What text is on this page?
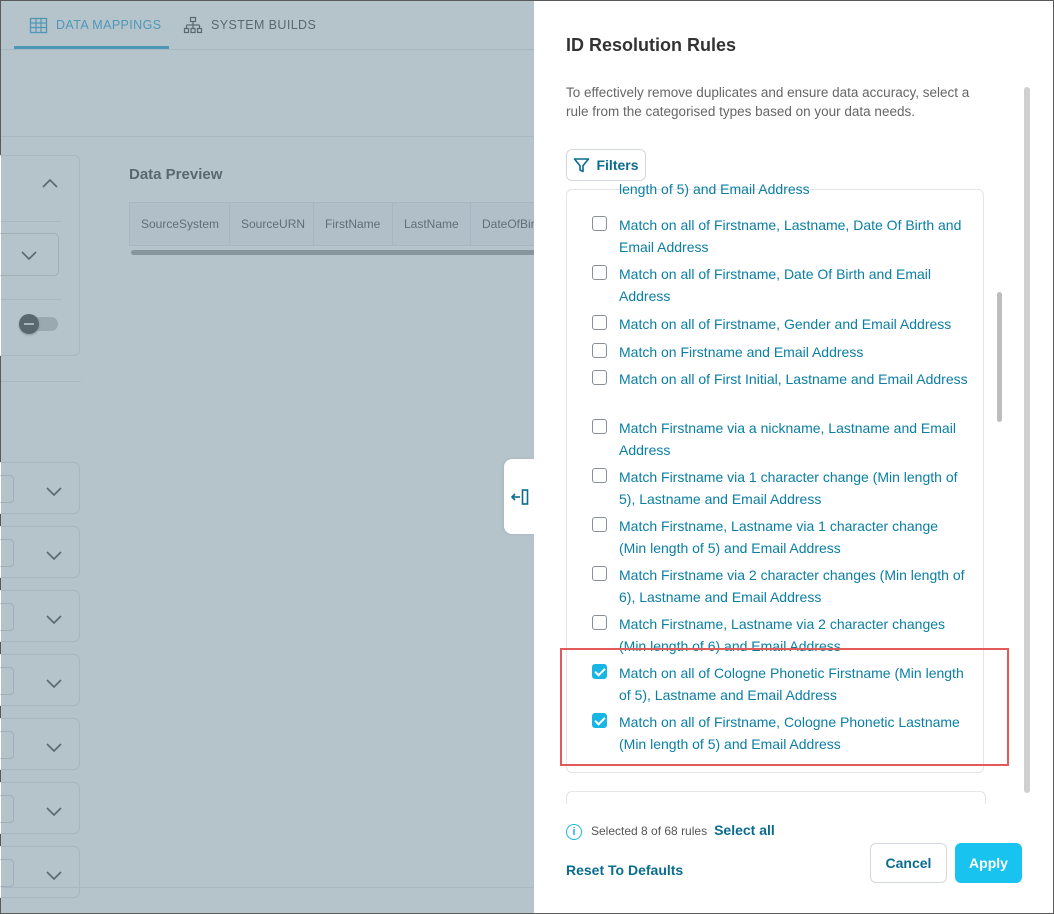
ID Resolution Rules
To effectively remove duplicates and ensure data accuracy, select a rule from the categorised types based on your data needs.
Filters
length of 5) and Email Address
Match on all of Firstname, Lastname, Date Of Birth and Email Address
Match on all of Firstname, Date Of Birth and Email Address
Match on all of Firstname, Gender and Email Address
Match on Firstname and Email Address
Match on all of First Initial, Lastname and Email Address
Match Firstname via a nickname, Lastname and Email Address
Match Firstname via 1 character change (Min length of 5), Lastname and Email Address
Match Firstname, Lastname via 1 character change (Min length of 5) and Email Address
Match Firstname via 2 character changes (Min length of 6), Lastname and Email Address
Match Firstname, Lastname via 2 character changes (Min length of 6) and Email Address
Match on all of Cologne Phonetic Firstname (Min length of 5), Lastname and Email Address
Match on all of Firstname, Cologne Phonetic Lastname (Min length of 5) and Email Address
i	Selected 8 of 68 rules Select all
Reset To Defaults	Cancel	Apply
